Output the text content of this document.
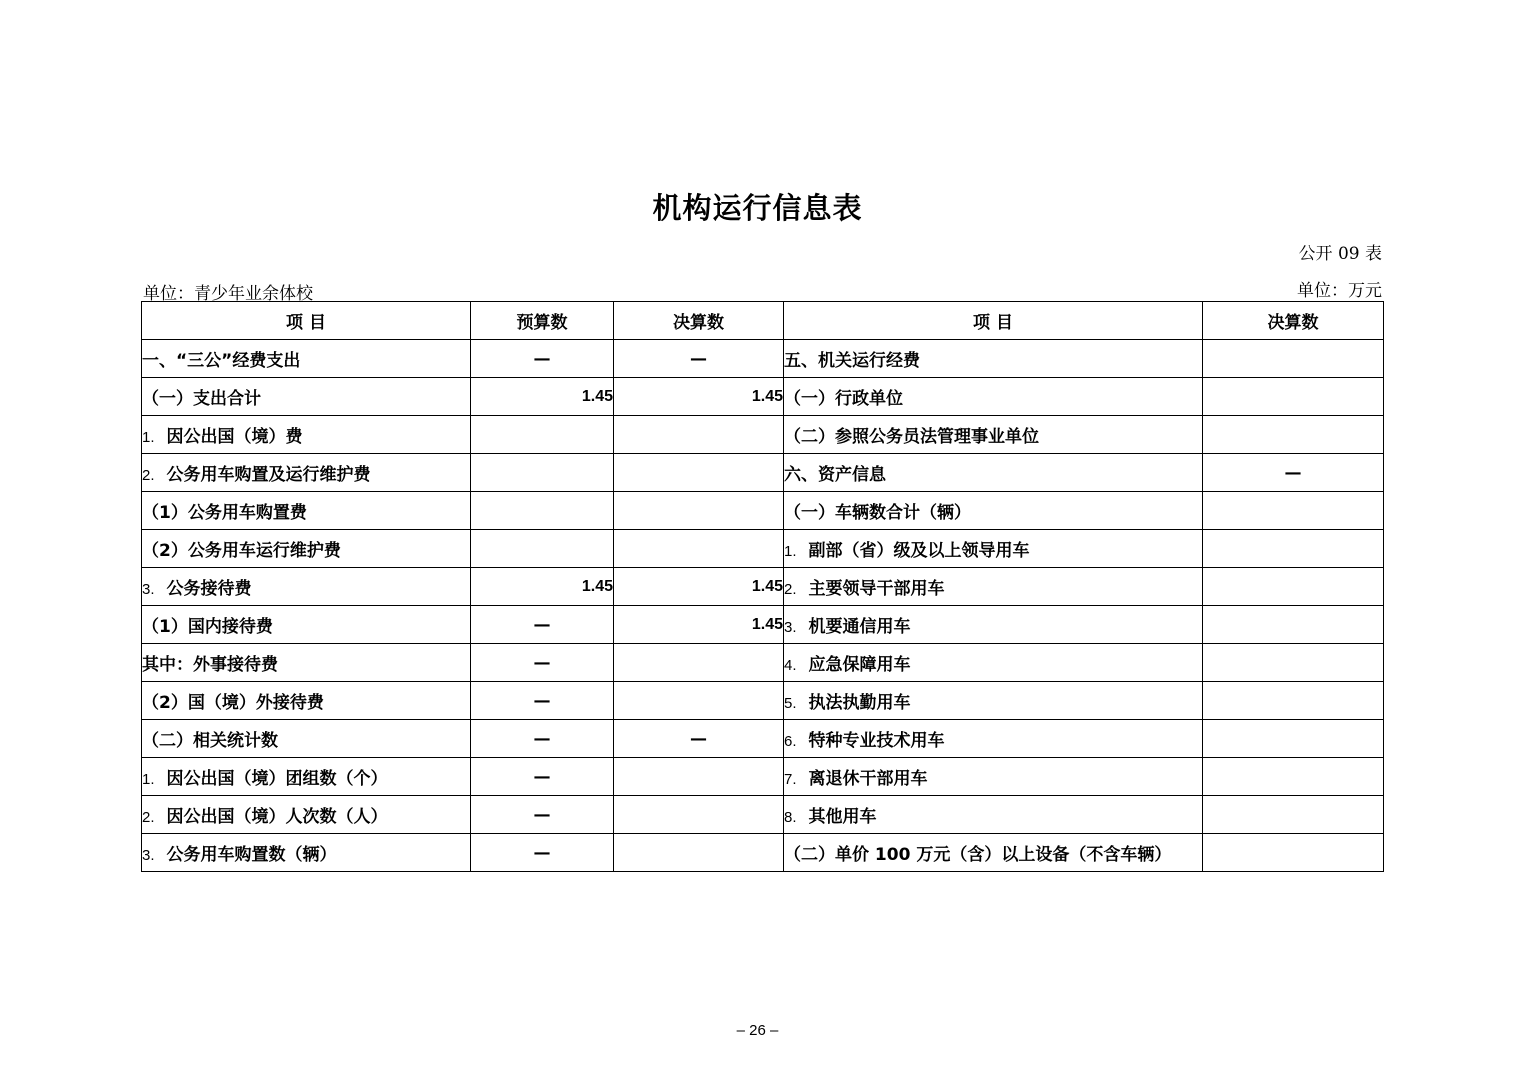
机构运行信息表
公开 09 表
单位：青少年业余体校	单位：万元
项 目	预算数	决算数	项 目	决算数
一、“三公”经费支出	—	—	五、机关运行经费	
（一）支出合计	1.45	1.45	（一）行政单位	
1. 因公出国（境）费			（二）参照公务员法管理事业单位	
2. 公务用车购置及运行维护费			六、资产信息	—
（1）公务用车购置费			（一）车辆数合计（辆）	
（2）公务用车运行维护费			1. 副部（省）级及以上领导用车	
3. 公务接待费	1.45	1.45	2. 主要领导干部用车	
（1）国内接待费	—	1.45	3. 机要通信用车	
其中：外事接待费	—		4. 应急保障用车	
（2）国（境）外接待费	—		5. 执法执勤用车	
（二）相关统计数	—	—	6. 特种专业技术用车	
1. 因公出国（境）团组数（个）	—		7. 离退休干部用车	
2. 因公出国（境）人次数（人）	—		8. 其他用车	
3. 公务用车购置数（辆）	—		（二）单价 100 万元（含）以上设备（不含车辆）	
– 26 –
